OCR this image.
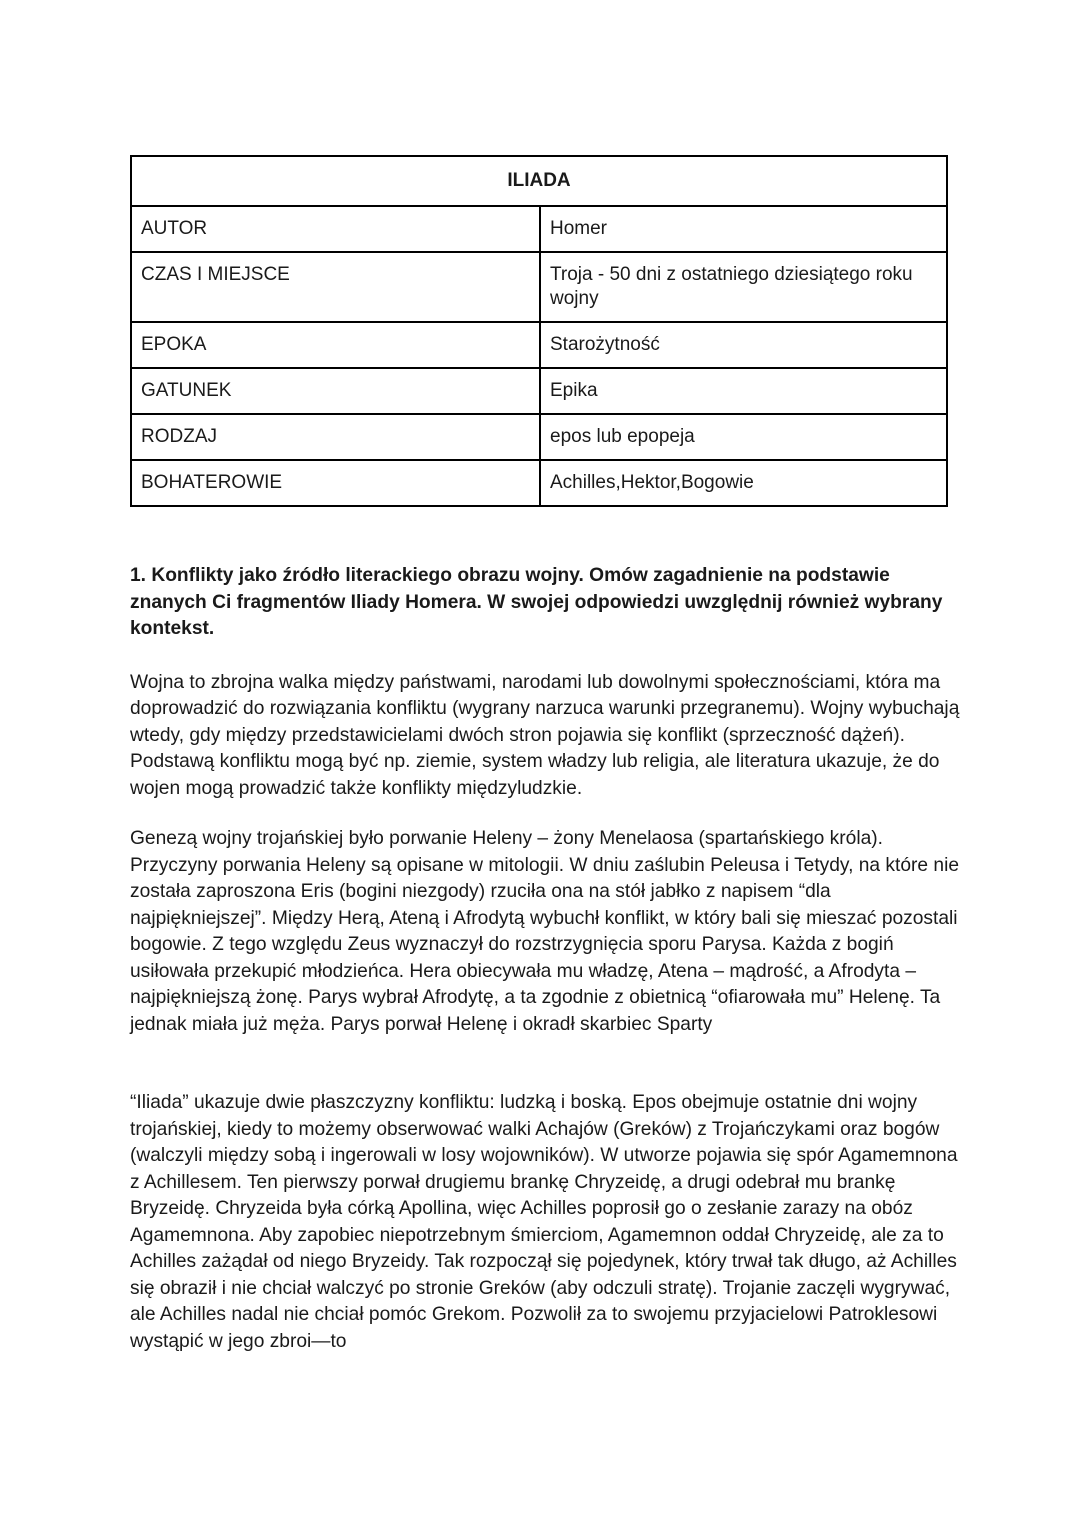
ILIADA	
AUTOR	Homer
CZAS I MIEJSCE	Troja - 50 dni z ostatniego dziesiątego roku wojny
EPOKA	Starożytność
GATUNEK	Epika
RODZAJ	epos lub epopeja
BOHATEROWIE	Achilles,Hektor,Bogowie

1. Konflikty jako źródło literackiego obrazu wojny. Omów zagadnienie na podstawie znanych Ci fragmentów Iliady Homera. W swojej odpowiedzi uwzględnij również wybrany kontekst.

Wojna to zbrojna walka między państwami, narodami lub dowolnymi społecznościami, która ma doprowadzić do rozwiązania konfliktu (wygrany narzuca warunki przegranemu). Wojny wybuchają wtedy, gdy między przedstawicielami dwóch stron pojawia się konflikt (sprzeczność dążeń). Podstawą konfliktu mogą być np. ziemie, system władzy lub religia, ale literatura ukazuje, że do wojen mogą prowadzić także konflikty międzyludzkie.

Genezą wojny trojańskiej było porwanie Heleny – żony Menelaosa (spartańskiego króla). Przyczyny porwania Heleny są opisane w mitologii. W dniu zaślubin Peleusa i Tetydy, na które nie została zaproszona Eris (bogini niezgody) rzuciła ona na stół jabłko z napisem “dla najpiękniejszej”. Między Herą, Ateną i Afrodytą wybuchł konflikt, w który bali się mieszać pozostali bogowie. Z tego względu Zeus wyznaczył do rozstrzygnięcia sporu Parysa. Każda z bogiń usiłowała przekupić młodzieńca. Hera obiecywała mu władzę, Atena – mądrość, a Afrodyta – najpiękniejszą żonę. Parys wybrał Afrodytę, a ta zgodnie z obietnicą “ofiarowała mu” Helenę. Ta jednak miała już męża. Parys porwał Helenę i okradł skarbiec Sparty

“Iliada” ukazuje dwie płaszczyzny konfliktu: ludzką i boską. Epos obejmuje ostatnie dni wojny trojańskiej, kiedy to możemy obserwować walki Achajów (Greków) z Trojańczykami oraz bogów (walczyli między sobą i ingerowali w losy wojowników). W utworze pojawia się spór Agamemnona z Achillesem. Ten pierwszy porwał drugiemu brankę Chryzeidę, a drugi odebrał mu brankę Bryzeidę. Chryzeida była córką Apollina, więc Achilles poprosił go o zesłanie zarazy na obóz Agamemnona. Aby zapobiec niepotrzebnym śmierciom, Agamemnon oddał Chryzeidę, ale za to Achilles zażądał od niego Bryzeidy. Tak rozpoczął się pojedynek, który trwał tak długo, aż Achilles się obraził i nie chciał walczyć po stronie Greków (aby odczuli stratę). Trojanie zaczęli wygrywać, ale Achilles nadal nie chciał pomóc Grekom. Pozwolił za to swojemu przyjacielowi Patroklesowi wystąpić w jego zbroi—to
